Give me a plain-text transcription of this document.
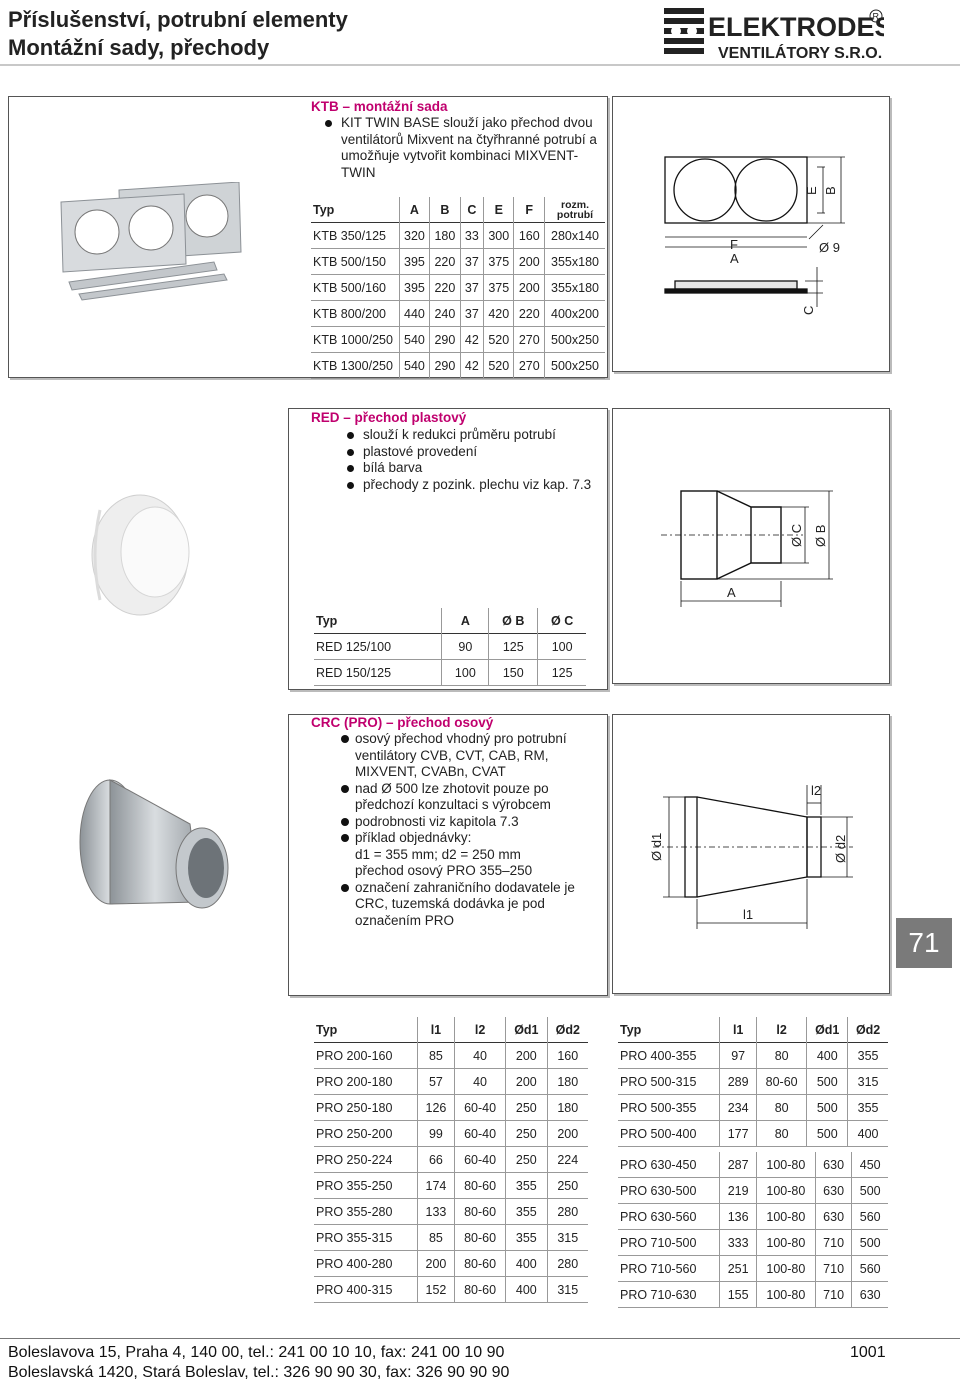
Příslušenství, potrubní elementy
Montážní sady, přechody
ELEKTRODES
VENTILÁTORY S.R.O.
R
KTB – montážní sada
KIT TWIN BASE slouží jako přechod dvou ventilátorů Mixvent na čtyřhranné potrubí a umožňuje vytvořit kombinaci MIXVENT-TWIN
Typ	A	B	C	E	F	rozm. potrubí
KTB 350/125	320	180	33	300	160	280x140
KTB 500/150	395	220	37	375	200	355x180
KTB 500/160	395	220	37	375	200	355x180
KTB 800/200	440	240	37	420	220	400x200
KTB 1000/250	540	290	42	520	270	500x250
KTB 1300/250	540	290	42	520	270	500x250
F
A
Ø 9
E B
C
RED – přechod plastový
slouží k redukci průměru potrubí
plastové provedení
bílá barva
přechody z pozink. plechu viz kap. 7.3
Typ	A	Ø B	Ø C
RED 125/100	90	125	100
RED 150/125	100	150	125
Ø C Ø B
A
CRC (PRO) – přechod osový
osový přechod vhodný pro potrubní ventilátory CVB, CVT, CAB, RM, MIXVENT, CVABn, CVAT
nad Ø 500 lze zhotovit pouze po předchozí konzultaci s výrobcem
podrobnosti viz kapitola 7.3
příklad objednávky:
d1 = 355 mm; d2 = 250 mm
přechod osový PRO 355–250
označení zahraničního dodavatele je CRC, tuzemská dodávka je pod označením PRO
Ø d1	Ø d2
l1
l2
71
Typ	l1	l2	Ød1	Ød2
PRO 200-160	85	40	200	160
PRO 200-180	57	40	200	180
PRO 250-180	126	60-40	250	180
PRO 250-200	99	60-40	250	200
PRO 250-224	66	60-40	250	224
PRO 355-250	174	80-60	355	250
PRO 355-280	133	80-60	355	280
PRO 355-315	85	80-60	355	315
PRO 400-280	200	80-60	400	280
PRO 400-315	152	80-60	400	315
Typ	l1	l2	Ød1	Ød2
PRO 400-355	97	80	400	355
PRO 500-315	289	80-60	500	315
PRO 500-355	234	80	500	355
PRO 500-400	177	80	500	400
PRO 630-450	287	100-80	630	450
PRO 630-500	219	100-80	630	500
PRO 630-560	136	100-80	630	560
PRO 710-500	333	100-80	710	500
PRO 710-560	251	100-80	710	560
PRO 710-630	155	100-80	710	630
Boleslavova 15, Praha 4, 140 00, tel.: 241 00 10 10, fax: 241 00 10 90
Boleslavská 1420, Stará Boleslav, tel.: 326 90 90 30, fax: 326 90 90 90
1001
